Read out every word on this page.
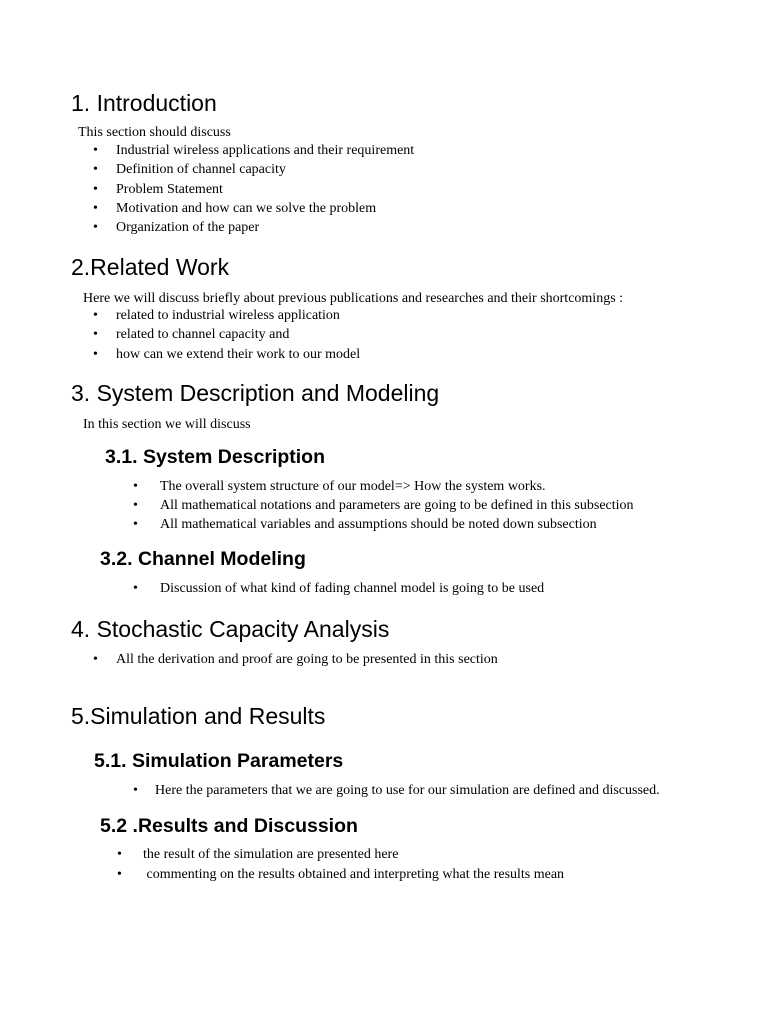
1. Introduction

This section should discuss

• Industrial wireless applications and their requirement
• Definition of channel capacity
• Problem Statement
• Motivation and how can we solve the problem
• Organization of the paper
2.Related Work

Here we will discuss briefly about previous publications and researches and their shortcomings :

• related to industrial wireless application
• related to channel capacity and
• how can we extend their work to our model
3. System Description and Modeling

In this section we will discuss

3.1. System Description
• The overall system structure of our model=> How the system works.
• All mathematical notations and parameters are going to be defined in this subsection
• All mathematical variables and assumptions should be noted down subsection
3.2. Channel Modeling
• Discussion of what kind of fading channel model is going to be used
4. Stochastic Capacity Analysis
• All the derivation and proof are going to be presented in this section
5.Simulation and Results
5.1. Simulation Parameters
• Here the parameters that we are going to use for our simulation are defined and discussed.
5.2 .Results and Discussion
• the result of the simulation are presented here
• commenting on the results obtained and interpreting what the results mean
